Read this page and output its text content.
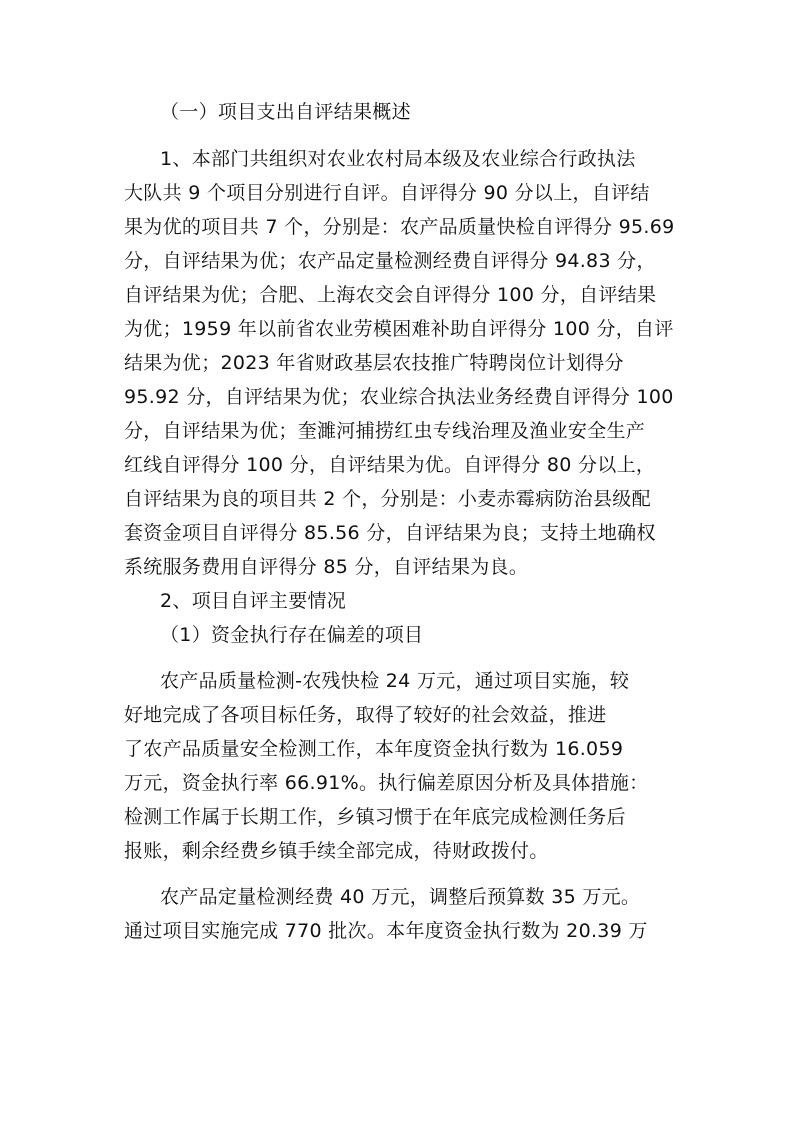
（一）项目支出自评结果概述
1、本部门共组织对农业农村局本级及农业综合行政执法
大队共 9 个项目分别进行自评。自评得分 90 分以上，自评结
果为优的项目共 7 个，分别是：农产品质量快检自评得分 95.69
分，自评结果为优；农产品定量检测经费自评得分 94.83 分，
自评结果为优；合肥、上海农交会自评得分 100 分，自评结果
为优；1959 年以前省农业劳模困难补助自评得分 100 分，自评
结果为优；2023 年省财政基层农技推广特聘岗位计划得分
95.92 分，自评结果为优；农业综合执法业务经费自评得分 100
分，自评结果为优；奎濉河捕捞红虫专线治理及渔业安全生产
红线自评得分 100 分，自评结果为优。自评得分 80 分以上，
自评结果为良的项目共 2 个，分别是：小麦赤霉病防治县级配
套资金项目自评得分 85.56 分，自评结果为良；支持土地确权
系统服务费用自评得分 85 分，自评结果为良。
2、项目自评主要情况
（1）资金执行存在偏差的项目
农产品质量检测-农残快检 24 万元，通过项目实施，较
好地完成了各项目标任务，取得了较好的社会效益，推进
了农产品质量安全检测工作，本年度资金执行数为 16.059
万元，资金执行率 66.91%。执行偏差原因分析及具体措施：
检测工作属于长期工作，乡镇习惯于在年底完成检测任务后
报账，剩余经费乡镇手续全部完成，待财政拨付。
农产品定量检测经费 40 万元，调整后预算数 35 万元。
通过项目实施完成 770 批次。本年度资金执行数为 20.39 万
